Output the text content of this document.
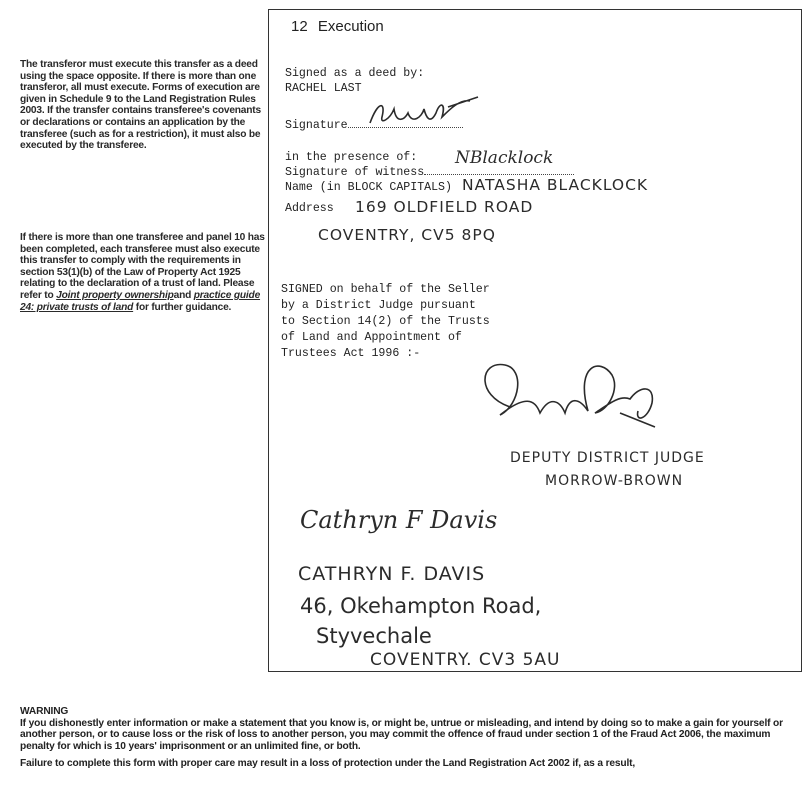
The transferor must execute this transfer as a deed using the space opposite. If there is more than one transferor, all must execute. Forms of execution are given in Schedule 9 to the Land Registration Rules 2003. If the transfer contains transferee's covenants or declarations or contains an application by the transferee (such as for a restriction), it must also be executed by the transferee.
If there is more than one transferee and panel 10 has been completed, each transferee must also execute this transfer to comply with the requirements in section 53(1)(b) of the Law of Property Act 1925 relating to the declaration of a trust of land. Please refer to Joint property ownershipand practice guide 24: private trusts of land for further guidance.
12 Execution
Signed as a deed by:
RACHEL LAST
Signature
in the presence of:
Signature of witness
NBlacklock
Name (in BLOCK CAPITALS) NATASHA BLACKLOCK
Address 169 OLDFIELD ROAD
COVENTRY, CV5 8PQ
SIGNED on behalf of the Seller
by a District Judge pursuant
to Section 14(2) of the Trusts
of Land and Appointment of
Trustees Act 1996 :-
DEPUTY DISTRICT JUDGE
MORROW-BROWN
Cathryn F Davis
CATHRYN F. DAVIS
46, Okehampton Road,
Styvechale
COVENTRY. CV3 5AU
WARNING

If you dishonestly enter information or make a statement that you know is, or might be, untrue or misleading, and intend by doing so to make a gain for yourself or another person, or to cause loss or the risk of loss to another person, you may commit the offence of fraud under section 1 of the Fraud Act 2006, the maximum penalty for which is 10 years' imprisonment or an unlimited fine, or both.

Failure to complete this form with proper care may result in a loss of protection under the Land Registration Act 2002 if, as a result,
